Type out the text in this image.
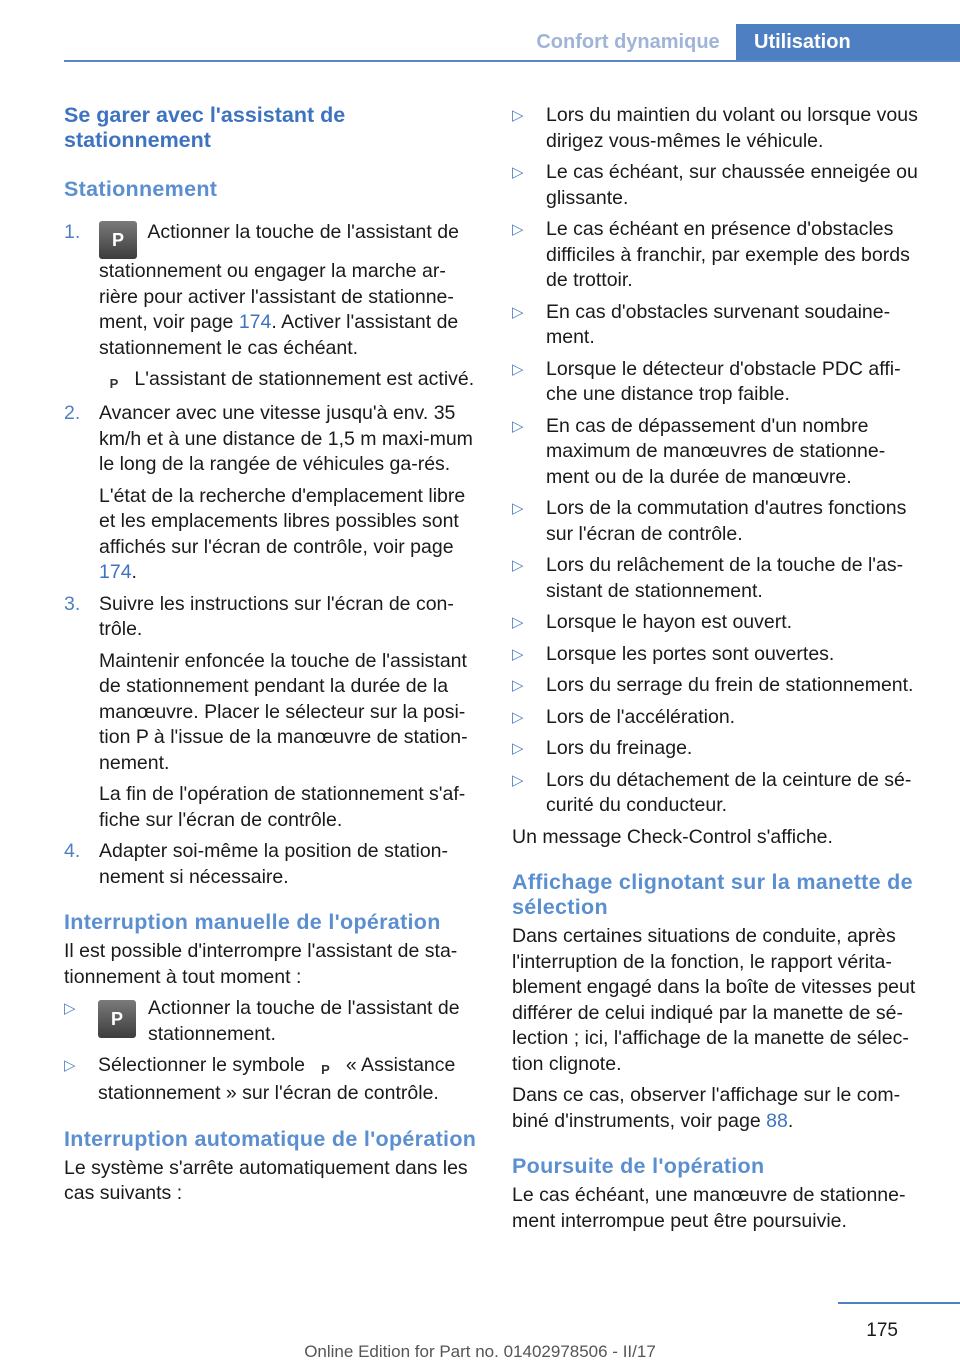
Confort dynamique	Utilisation
Se garer avec l'assistant de stationnement
Stationnement
1. P Actionner la touche de l'assistant de stationnement ou engager la marche ar-rière pour activer l'assistant de stationne-ment, voir page 174. Activer l'assistant de stationnement le cas échéant.
P L'assistant de stationnement est activé.
2. Avancer avec une vitesse jusqu'à env. 35 km/h et à une distance de 1,5 m maxi-mum le long de la rangée de véhicules ga-rés.
L'état de la recherche d'emplacement libre et les emplacements libres possibles sont affichés sur l'écran de contrôle, voir page 174.
3. Suivre les instructions sur l'écran de con-trôle.
Maintenir enfoncée la touche de l'assistant de stationnement pendant la durée de la manœuvre. Placer le sélecteur sur la posi-tion P à l'issue de la manœuvre de station-nement.
La fin de l'opération de stationnement s'af-fiche sur l'écran de contrôle.
4. Adapter soi-même la position de station-nement si nécessaire.
Interruption manuelle de l'opération
Il est possible d'interrompre l'assistant de sta-tionnement à tout moment :
▷
P	Actionner la touche de l'assistant de stationnement.
▷ Sélectionner le symbole P « Assistance stationnement » sur l'écran de contrôle.
Interruption automatique de l'opération
Le système s'arrête automatiquement dans les cas suivants :
▷ Lors du maintien du volant ou lorsque vous dirigez vous-mêmes le véhicule.
▷ Le cas échéant, sur chaussée enneigée ou glissante.
▷ Le cas échéant en présence d'obstacles difficiles à franchir, par exemple des bords de trottoir.
▷ En cas d'obstacles survenant soudaine-ment.
▷ Lorsque le détecteur d'obstacle PDC affi-che une distance trop faible.
▷ En cas de dépassement d'un nombre maximum de manœuvres de stationne-ment ou de la durée de manœuvre.
▷ Lors de la commutation d'autres fonctions sur l'écran de contrôle.
▷ Lors du relâchement de la touche de l'as-sistant de stationnement.
▷ Lorsque le hayon est ouvert.
▷ Lorsque les portes sont ouvertes.
▷ Lors du serrage du frein de stationnement.
▷ Lors de l'accélération.
▷ Lors du freinage.
▷ Lors du détachement de la ceinture de sé-curité du conducteur.
Un message Check-Control s'affiche.
Affichage clignotant sur la manette de sélection
Dans certaines situations de conduite, après l'interruption de la fonction, le rapport vérita-blement engagé dans la boîte de vitesses peut différer de celui indiqué par la manette de sé-lection ; ici, l'affichage de la manette de sélec-tion clignote.
Dans ce cas, observer l'affichage sur le com-biné d'instruments, voir page 88.
Poursuite de l'opération
Le cas échéant, une manœuvre de stationne-ment interrompue peut être poursuivie.
175
Online Edition for Part no. 01402978506 - II/17
